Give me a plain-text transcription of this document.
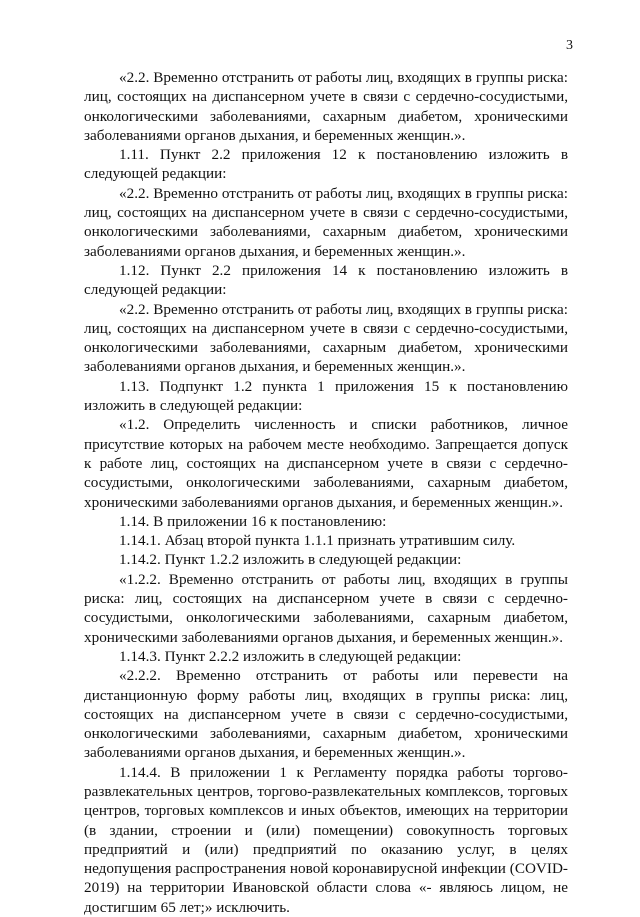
3

«2.2. Временно отстранить от работы лиц, входящих в группы риска: лиц, состоящих на диспансерном учете в связи с сердечно-сосудистыми, онкологическими заболеваниями, сахарным диабетом, хроническими заболеваниями органов дыхания, и беременных женщин.».

1.11. Пункт 2.2 приложения 12 к постановлению изложить в следующей редакции:

«2.2. Временно отстранить от работы лиц, входящих в группы риска: лиц, состоящих на диспансерном учете в связи с сердечно-сосудистыми, онкологическими заболеваниями, сахарным диабетом, хроническими заболеваниями органов дыхания, и беременных женщин.».

1.12. Пункт 2.2 приложения 14 к постановлению изложить в следующей редакции:

«2.2. Временно отстранить от работы лиц, входящих в группы риска: лиц, состоящих на диспансерном учете в связи с сердечно-сосудистыми, онкологическими заболеваниями, сахарным диабетом, хроническими заболеваниями органов дыхания, и беременных женщин.».

1.13. Подпункт 1.2 пункта 1 приложения 15 к постановлению изложить в следующей редакции:

«1.2. Определить численность и списки работников, личное присутствие которых на рабочем месте необходимо. Запрещается допуск к работе лиц, состоящих на диспансерном учете в связи с сердечно-сосудистыми, онкологическими заболеваниями, сахарным диабетом, хроническими заболеваниями органов дыхания, и беременных женщин.».

1.14. В приложении 16 к постановлению:

1.14.1. Абзац второй пункта 1.1.1 признать утратившим силу.

1.14.2. Пункт 1.2.2 изложить в следующей редакции:

«1.2.2. Временно отстранить от работы лиц, входящих в группы риска: лиц, состоящих на диспансерном учете в связи с сердечно-сосудистыми, онкологическими заболеваниями, сахарным диабетом, хроническими заболеваниями органов дыхания, и беременных женщин.».

1.14.3. Пункт 2.2.2 изложить в следующей редакции:

«2.2.2. Временно отстранить от работы или перевести на дистанционную форму работы лиц, входящих в группы риска: лиц, состоящих на диспансерном учете в связи с сердечно-сосудистыми, онкологическими заболеваниями, сахарным диабетом, хроническими заболеваниями органов дыхания, и беременных женщин.».

1.14.4. В приложении 1 к Регламенту порядка работы торгово-развлекательных центров, торгово-развлекательных комплексов, торговых центров, торговых комплексов и иных объектов, имеющих на территории (в здании, строении и (или) помещении) совокупность торговых предприятий и (или) предприятий по оказанию услуг, в целях недопущения распространения новой коронавирусной инфекции (COVID-2019) на территории Ивановской области слова «- являюсь лицом, не достигшим 65 лет;» исключить.
